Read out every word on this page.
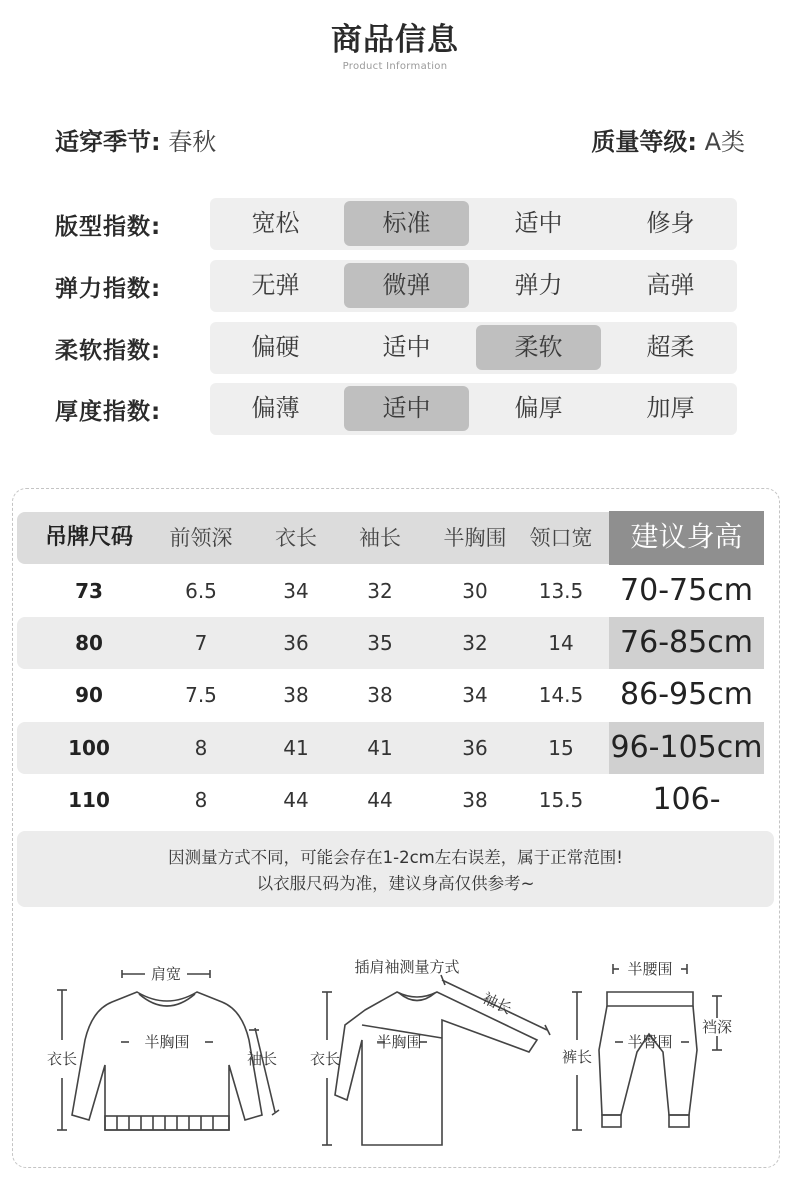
商品信息
Product Information
适穿季节: 春秋	质量等级: A类
版型指数:	宽松	标准	适中	修身
弹力指数:	无弹	微弹	弹力	高弹
柔软指数:	偏硬	适中	柔软	超柔
厚度指数:	偏薄	适中	偏厚	加厚
吊牌尺码	前领深	衣长	袖长	半胸围	领口宽	建议身高
73	6.5	34	32	30	13.5	70-75cm
80	7	36	35	32	14	76-85cm
90	7.5	38	38	34	14.5	86-95cm
100	8	41	41	36	15	96-105cm
110	8	44	44	38	15.5	106-
因测量方式不同，可能会存在1-2cm左右误差，属于正常范围!
以衣服尺码为准，建议身高仅供参考~
肩宽
半胸围
衣长	袖长
插肩袖测量方式
半胸围
衣长
袖长
半腰围
半臀围
裆深
裤长
